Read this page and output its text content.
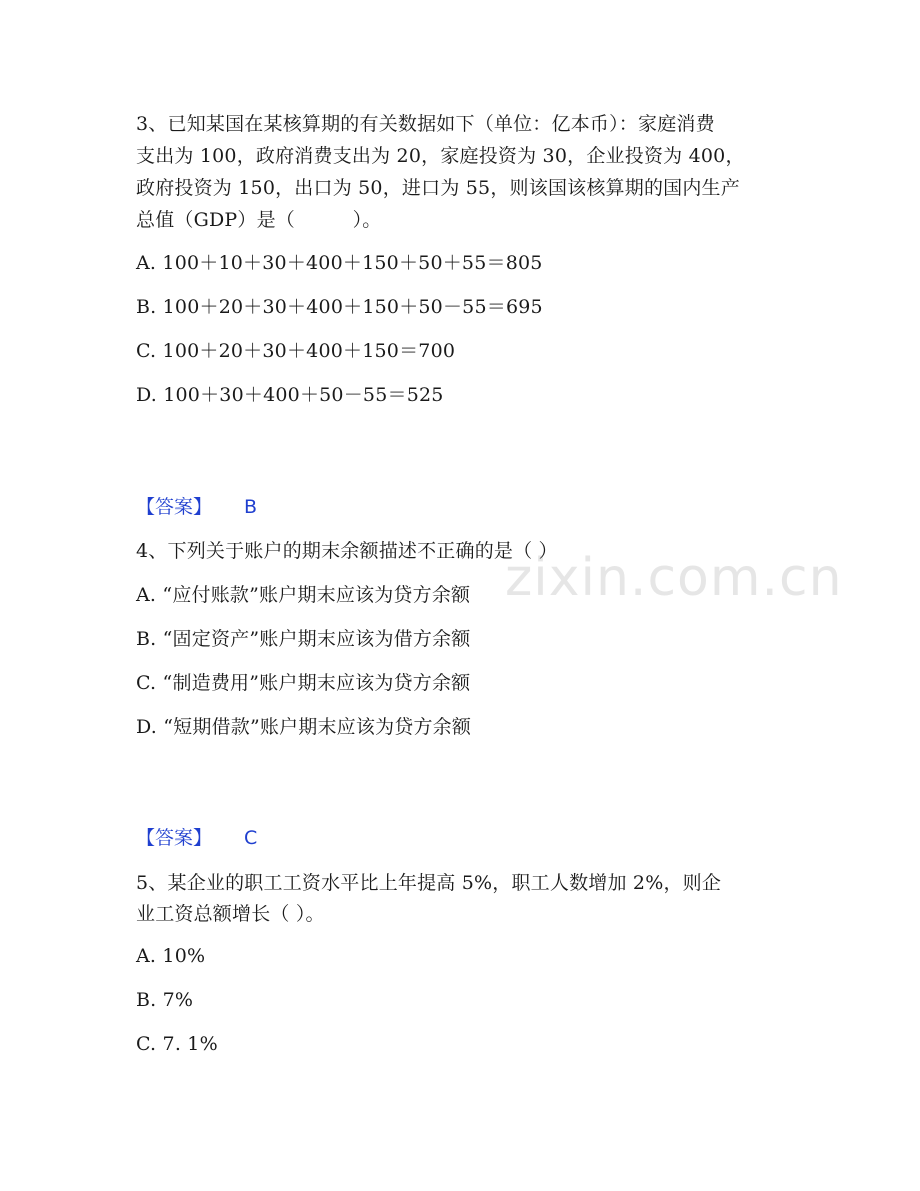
zixin.com.cn
3、已知某国在某核算期的有关数据如下（单位：亿本币）：家庭消费
支出为 100，政府消费支出为 20，家庭投资为 30，企业投资为 400，
政府投资为 150，出口为 50，进口为 55，则该国该核算期的国内生产
总值（GDP）是（　　　）。
A. 100＋10＋30＋400＋150＋50＋55＝805
B. 100＋20＋30＋400＋150＋50－55＝695
C. 100＋20＋30＋400＋150＝700
D. 100＋30＋400＋50－55＝525
【答案】 B
4、下列关于账户的期末余额描述不正确的是（ ）
A. “应付账款”账户期末应该为贷方余额
B. “固定资产”账户期末应该为借方余额
C. “制造费用”账户期末应该为贷方余额
D. “短期借款”账户期末应该为贷方余额
【答案】 C
5、某企业的职工工资水平比上年提高 5%，职工人数增加 2%，则企
业工资总额增长（ ）。
A. 10%
B. 7%
C. 7. 1%
